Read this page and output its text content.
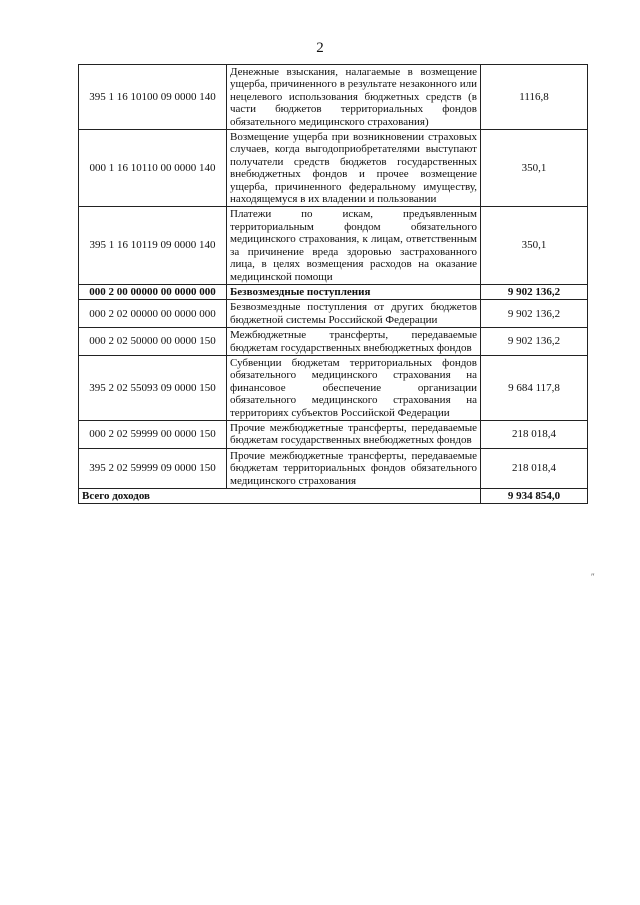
2
395 1 16 10100 09 0000 140	Денежные взыскания, налагаемые в возмещение ущерба, причиненного в результате незаконного или нецелевого использования бюджетных средств (в части бюджетов территориальных фондов обязательного медицинского страхования)	1116,8
000 1 16 10110 00 0000 140	Возмещение ущерба при возникновении страховых случаев, когда выгодоприобретателями выступают получатели средств бюджетов государственных внебюджетных фондов и прочее возмещение ущерба, причиненного федеральному имуществу, находящемуся в их владении и пользовании	350,1
395 1 16 10119 09 0000 140	Платежи по искам, предъявленным территориальным фондом обязательного медицинского страхования, к лицам, ответственным за причинение вреда здоровью застрахованного лица, в целях возмещения расходов на оказание медицинской помощи	350,1
000 2 00 00000 00 0000 000	Безвозмездные поступления	9 902 136,2
000 2 02 00000 00 0000 000	Безвозмездные поступления от других бюджетов бюджетной системы Российской Федерации	9 902 136,2
000 2 02 50000 00 0000 150	Межбюджетные трансферты, передаваемые бюджетам государственных внебюджетных фондов	9 902 136,2
395 2 02 55093 09 0000 150	Субвенции бюджетам территориальных фондов обязательного медицинского страхования на финансовое обеспечение организации обязательного медицинского страхования на территориях субъектов Российской Федерации	9 684 117,8
000 2 02 59999 00 0000 150	Прочие межбюджетные трансферты, передаваемые бюджетам государственных внебюджетных фондов	218 018,4
395 2 02 59999 09 0000 150	Прочие межбюджетные трансферты, передаваемые бюджетам территориальных фондов обязательного медицинского страхования	218 018,4
Всего доходов		9 934 854,0
″
